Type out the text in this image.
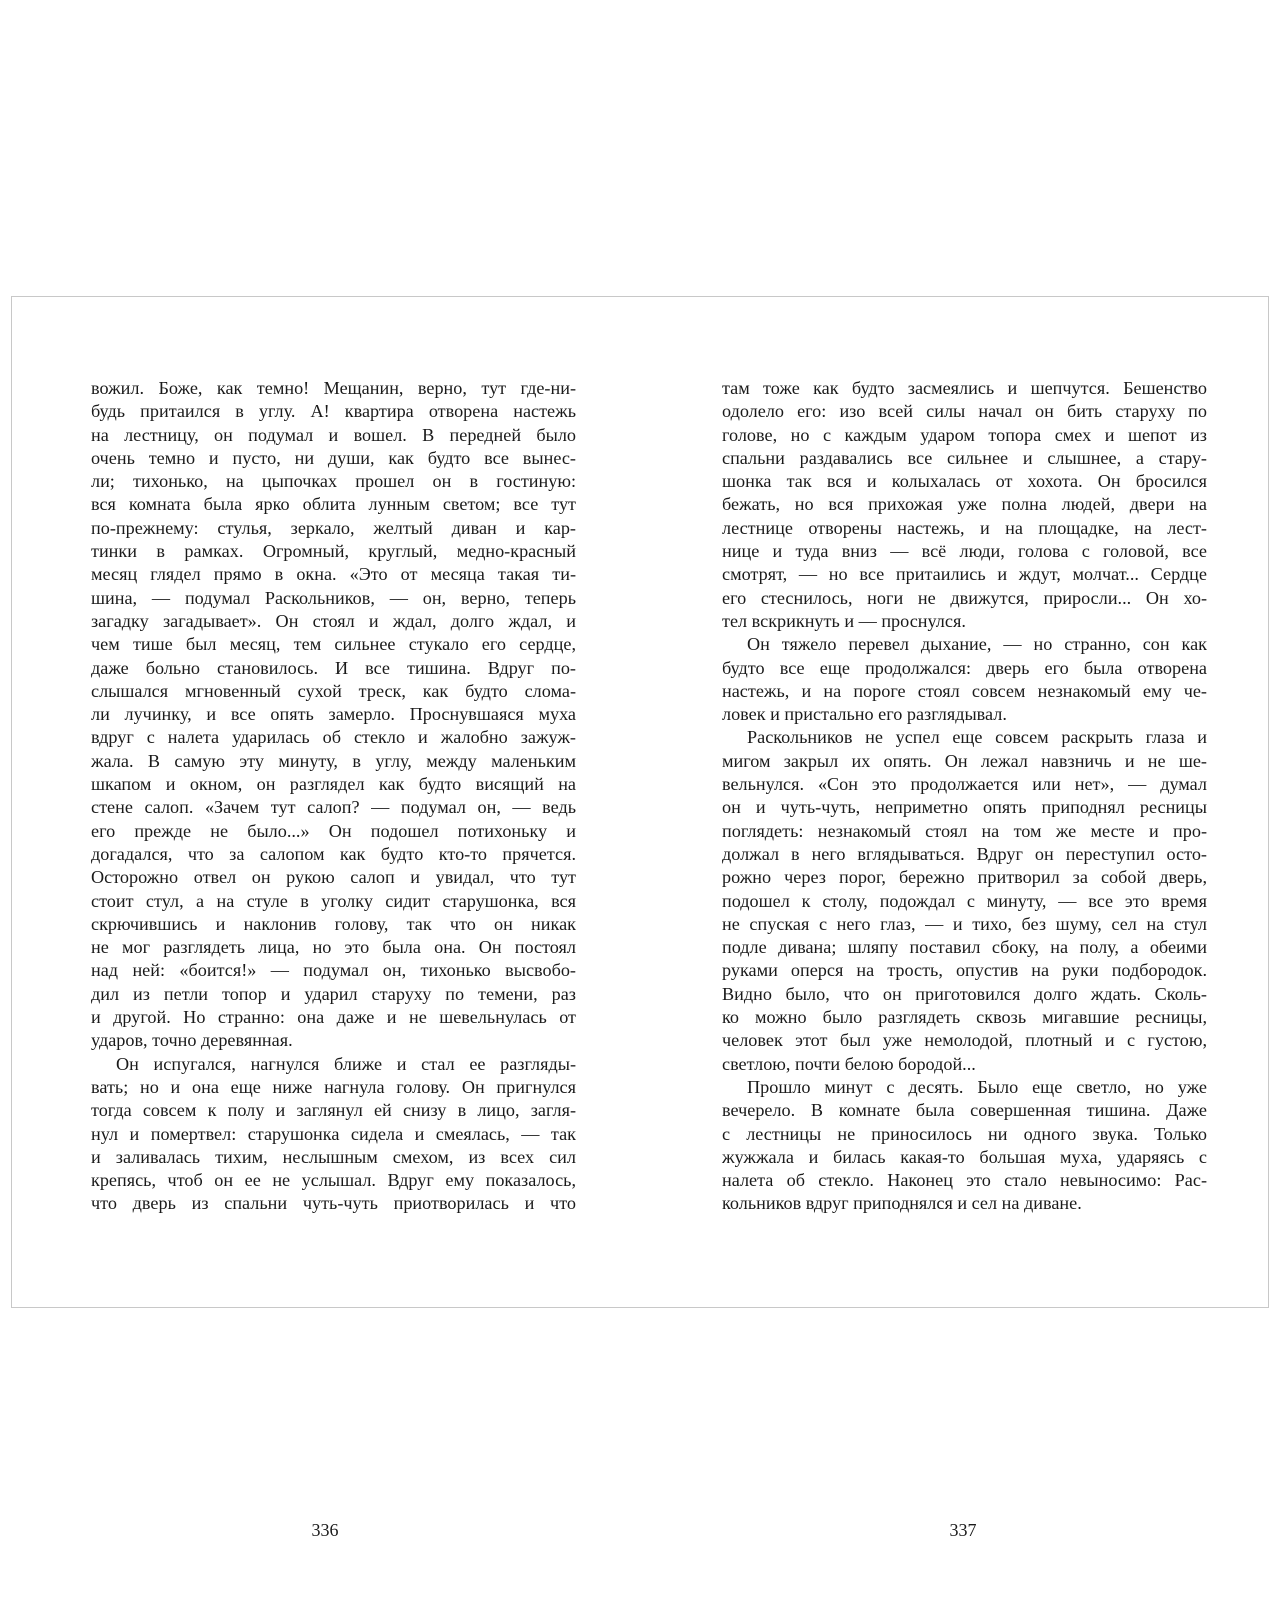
вожил. Боже, как темно! Мещанин, верно, тут где-ни-
будь притаился в углу. А! квартира отворена настежь
на лестницу, он подумал и вошел. В передней было
очень темно и пусто, ни души, как будто все вынес-
ли; тихонько, на цыпочках прошел он в гостиную:
вся комната была ярко облита лунным светом; все тут
по-прежнему: стулья, зеркало, желтый диван и кар-
тинки в рамках. Огромный, круглый, медно-красный
месяц глядел прямо в окна. «Это от месяца такая ти-
шина, — подумал Раскольников, — он, верно, теперь
загадку загадывает». Он стоял и ждал, долго ждал, и
чем тише был месяц, тем сильнее стукало его сердце,
даже больно становилось. И все тишина. Вдруг по-
слышался мгновенный сухой треск, как будто слома-
ли лучинку, и все опять замерло. Проснувшаяся муха
вдруг с налета ударилась об стекло и жалобно зажуж-
жала. В самую эту минуту, в углу, между маленьким
шкапом и окном, он разглядел как будто висящий на
стене салоп. «Зачем тут салоп? — подумал он, — ведь
его прежде не было...» Он подошел потихоньку и
догадался, что за салопом как будто кто-то прячется.
Осторожно отвел он рукою салоп и увидал, что тут
стоит стул, а на стуле в уголку сидит старушонка, вся
скрючившись и наклонив голову, так что он никак
не мог разглядеть лица, но это была она. Он постоял
над ней: «боится!» — подумал он, тихонько высвобо-
дил из петли топор и ударил старуху по темени, раз
и другой. Но странно: она даже и не шевельнулась от
ударов, точно деревянная.
Он испугался, нагнулся ближе и стал ее разгляды-
вать; но и она еще ниже нагнула голову. Он пригнулся
тогда совсем к полу и заглянул ей снизу в лицо, загля-
нул и помертвел: старушонка сидела и смеялась, — так
и заливалась тихим, неслышным смехом, из всех сил
крепясь, чтоб он ее не услышал. Вдруг ему показалось,
что дверь из спальни чуть-чуть приотворилась и что
там тоже как будто засмеялись и шепчутся. Бешенство
одолело его: изо всей силы начал он бить старуху по
голове, но с каждым ударом топора смех и шепот из
спальни раздавались все сильнее и слышнее, а стару-
шонка так вся и колыхалась от хохота. Он бросился
бежать, но вся прихожая уже полна людей, двери на
лестнице отворены настежь, и на площадке, на лест-
нице и туда вниз — всё люди, голова с головой, все
смотрят, — но все притаились и ждут, молчат... Сердце
его стеснилось, ноги не движутся, приросли... Он хо-
тел вскрикнуть и — проснулся.
Он тяжело перевел дыхание, — но странно, сон как
будто все еще продолжался: дверь его была отворена
настежь, и на пороге стоял совсем незнакомый ему че-
ловек и пристально его разглядывал.
Раскольников не успел еще совсем раскрыть глаза и
мигом закрыл их опять. Он лежал навзничь и не ше-
вельнулся. «Сон это продолжается или нет», — думал
он и чуть-чуть, неприметно опять приподнял ресницы
поглядеть: незнакомый стоял на том же месте и про-
должал в него вглядываться. Вдруг он переступил осто-
рожно через порог, бережно притворил за собой дверь,
подошел к столу, подождал с минуту, — все это время
не спуская с него глаз, — и тихо, без шуму, сел на стул
подле дивана; шляпу поставил сбоку, на полу, а обеими
руками оперся на трость, опустив на руки подбородок.
Видно было, что он приготовился долго ждать. Сколь-
ко можно было разглядеть сквозь мигавшие ресницы,
человек этот был уже немолодой, плотный и с густою,
светлою, почти белою бородой...
Прошло минут с десять. Было еще светло, но уже
вечерело. В комнате была совершенная тишина. Даже
с лестницы не приносилось ни одного звука. Только
жужжала и билась какая-то большая муха, ударяясь с
налета об стекло. Наконец это стало невыносимо: Рас-
кольников вдруг приподнялся и сел на диване.
336	337
